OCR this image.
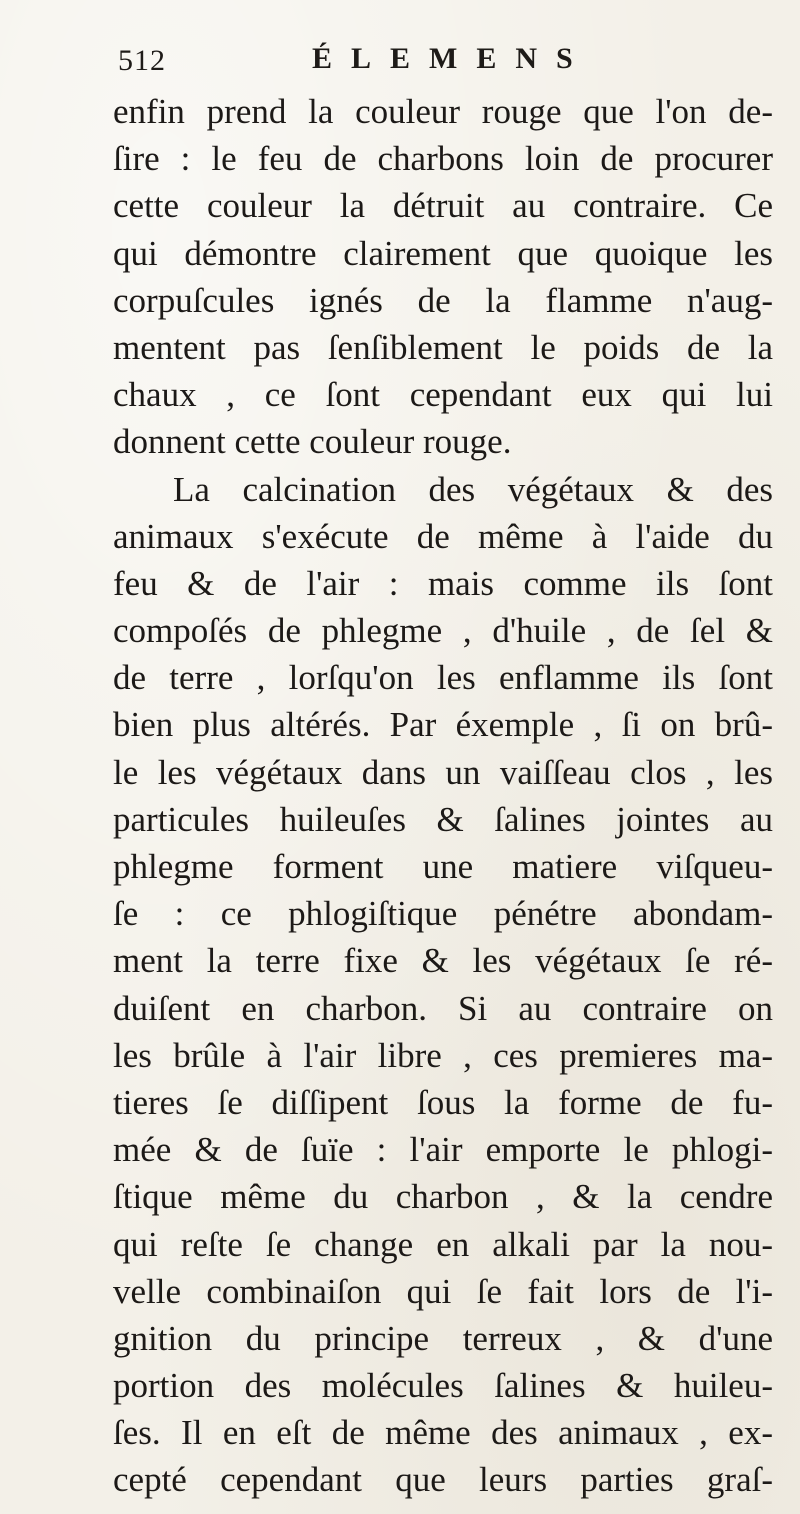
512	ÉLEMENS
enfin prend la couleur rouge que l'on de-
ſire : le feu de charbons loin de procurer
cette couleur la détruit au contraire. Ce
qui démontre clairement que quoique les
corpuſcules ignés de la flamme n'aug-
mentent pas ſenſiblement le poids de la
chaux , ce ſont cependant eux qui lui
donnent cette couleur rouge.
La calcination des végétaux & des
animaux s'exécute de même à l'aide du
feu & de l'air : mais comme ils ſont
compoſés de phlegme , d'huile , de ſel &
de terre , lorſqu'on les enflamme ils ſont
bien plus altérés. Par éxemple , ſi on brû-
le les végétaux dans un vaiſſeau clos , les
particules huileuſes & ſalines jointes au
phlegme forment une matiere viſqueu-
ſe : ce phlogiſtique pénétre abondam-
ment la terre fixe & les végétaux ſe ré-
duiſent en charbon. Si au contraire on
les brûle à l'air libre , ces premieres ma-
tieres ſe diſſipent ſous la forme de fu-
mée & de ſuïe : l'air emporte le phlogi-
ſtique même du charbon , & la cendre
qui reſte ſe change en alkali par la nou-
velle combinaiſon qui ſe fait lors de l'i-
gnition du principe terreux , & d'une
portion des molécules ſalines & huileu-
ſes. Il en eſt de même des animaux , ex-
cepté cependant que leurs parties graſ-
